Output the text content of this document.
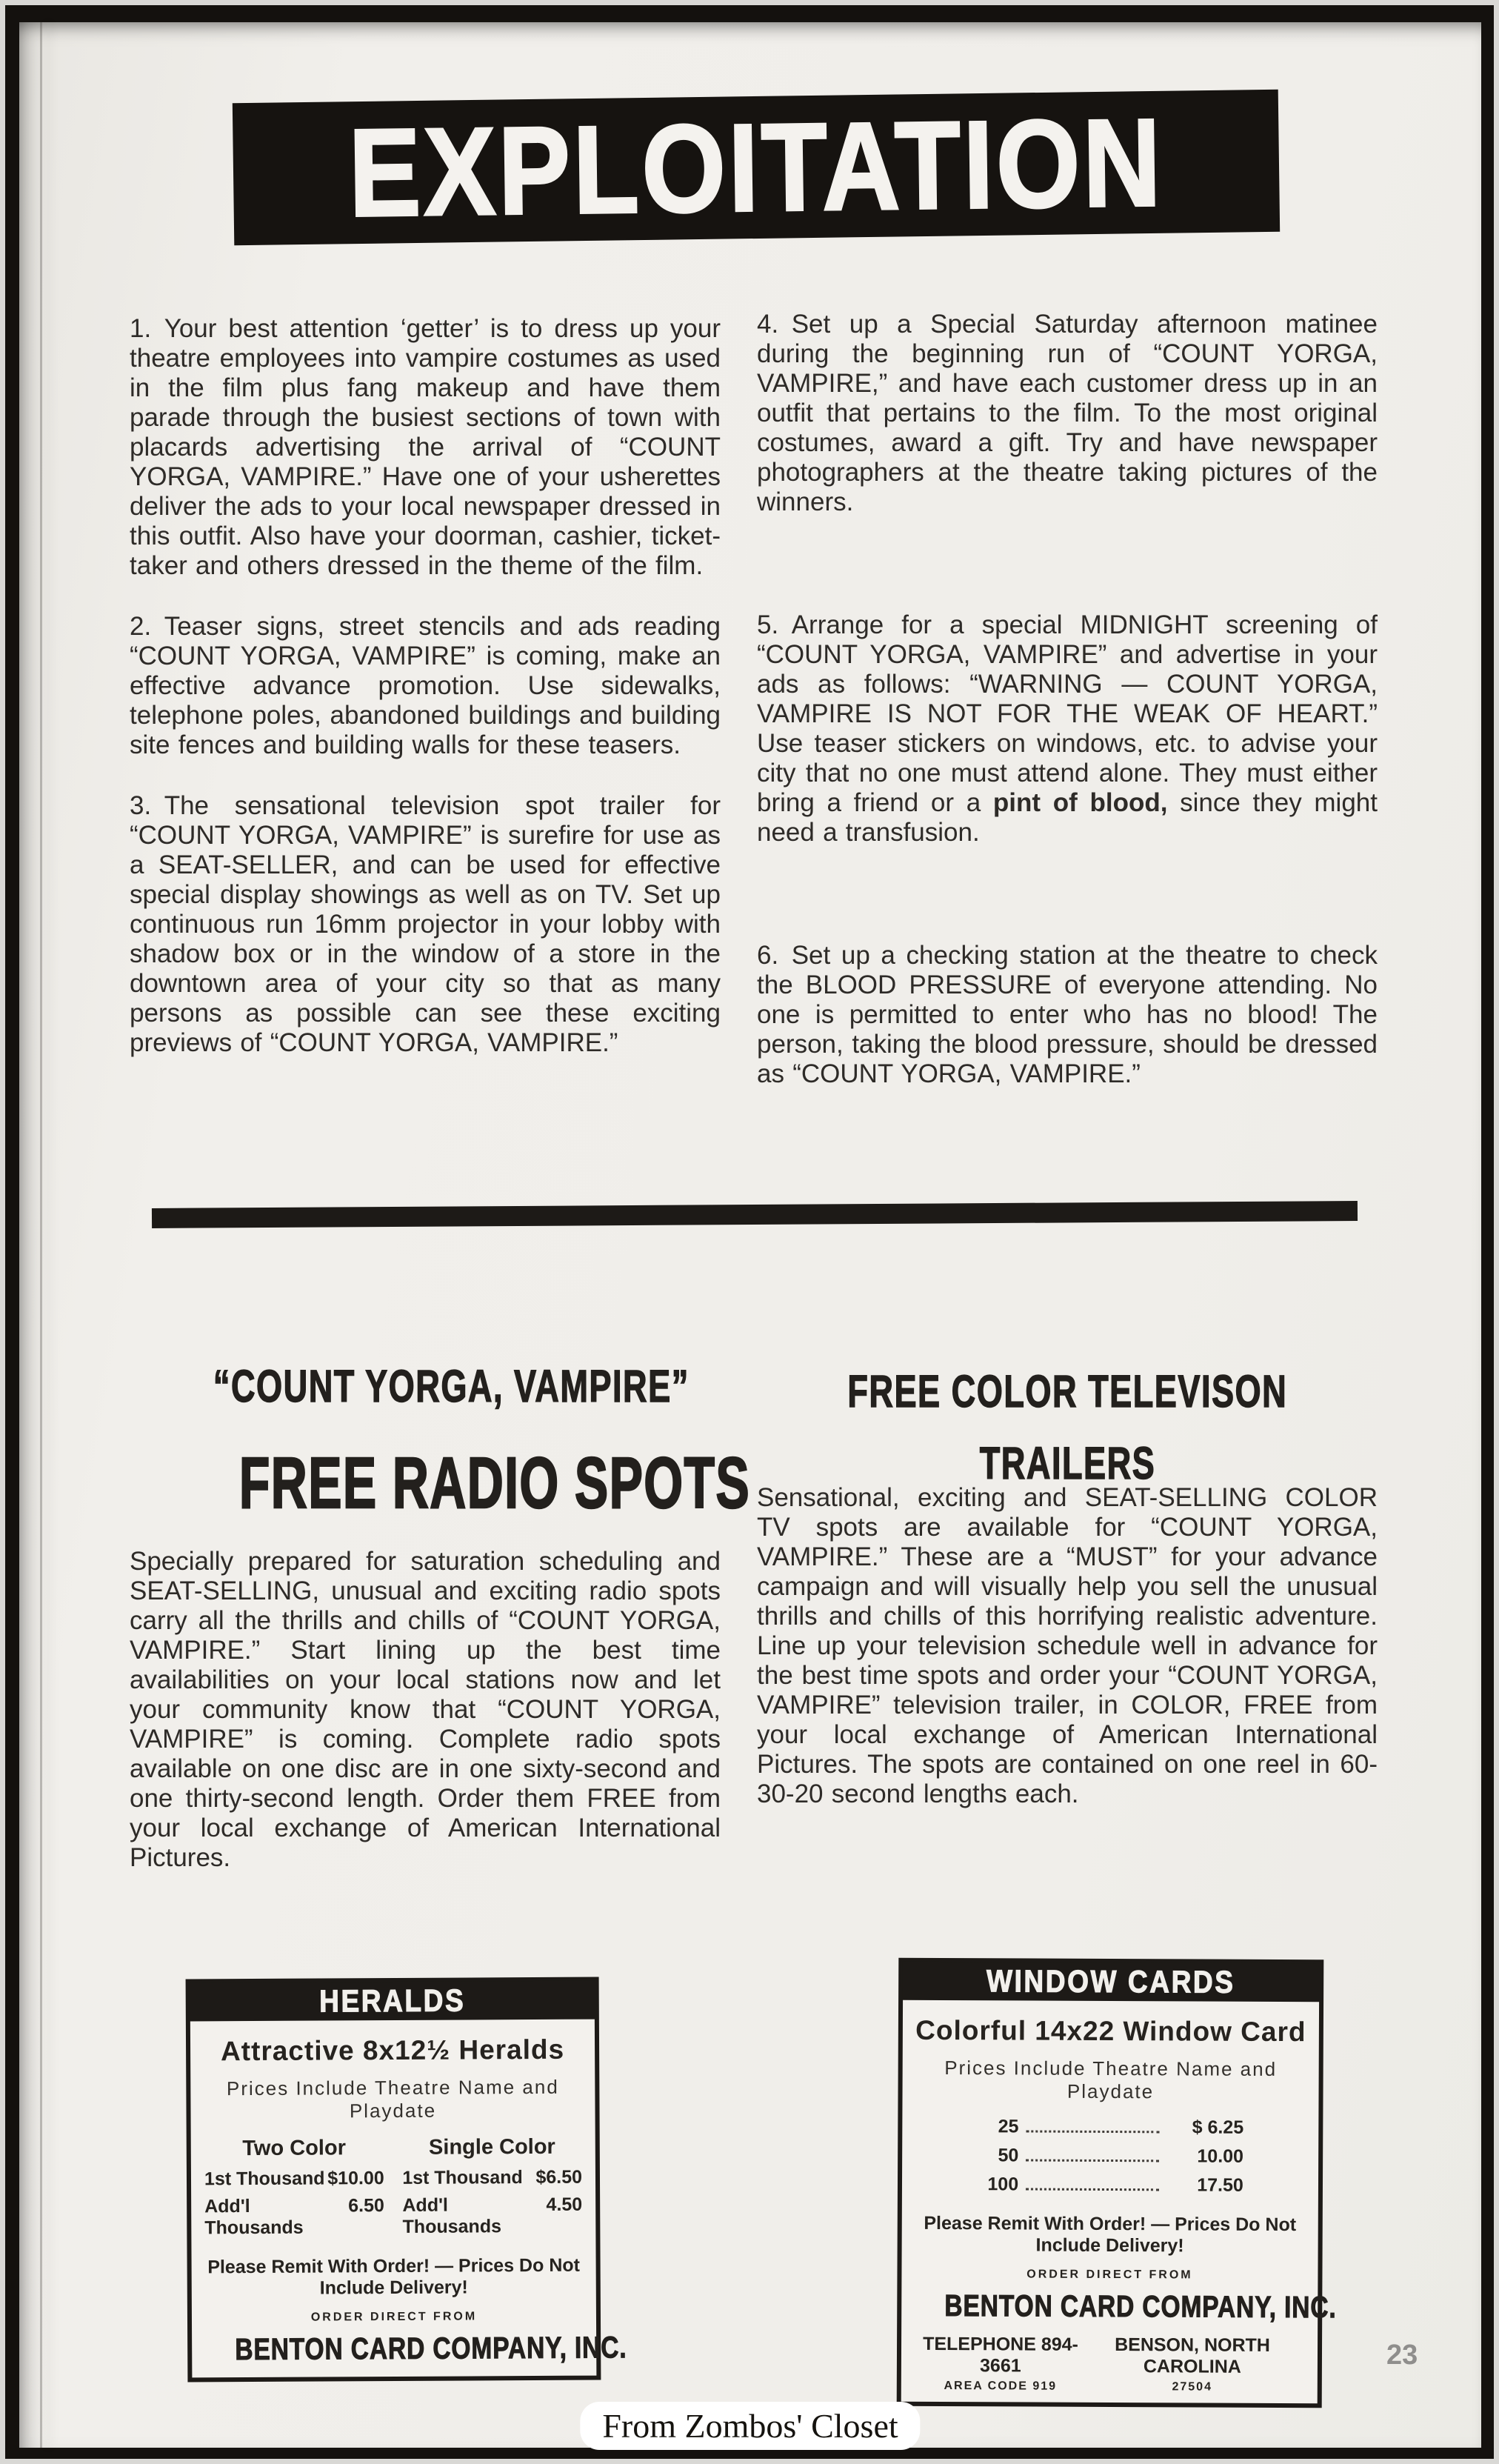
EXPLOITATION

1. Your best attention ‘getter’ is to dress up your theatre employees into vampire costumes as used in the film plus fang makeup and have them parade through the busiest sections of town with placards advertising the arrival of “COUNT YORGA, VAMPIRE.” Have one of your usherettes deliver the ads to your local newspaper dressed in this outfit. Also have your doorman, cashier, ticket-taker and others dressed in the theme of the film.

2. Teaser signs, street stencils and ads reading “COUNT YORGA, VAMPIRE” is coming, make an effective advance promotion. Use sidewalks, telephone poles, abandoned buildings and building site fences and building walls for these teasers.

3. The sensational television spot trailer for “COUNT YORGA, VAMPIRE” is surefire for use as a SEAT-SELLER, and can be used for effective special display showings as well as on TV. Set up continuous run 16mm projector in your lobby with shadow box or in the window of a store in the downtown area of your city so that as many persons as possible can see these exciting previews of “COUNT YORGA, VAMPIRE.”

4. Set up a Special Saturday afternoon matinee during the beginning run of “COUNT YORGA, VAMPIRE,” and have each customer dress up in an outfit that pertains to the film. To the most original costumes, award a gift. Try and have newspaper photographers at the theatre taking pictures of the winners.

5. Arrange for a special MIDNIGHT screening of “COUNT YORGA, VAMPIRE” and advertise in your ads as follows: “WARNING — COUNT YORGA, VAMPIRE IS NOT FOR THE WEAK OF HEART.” Use teaser stickers on windows, etc. to advise your city that no one must attend alone. They must either bring a friend or a pint of blood, since they might need a transfusion.

6. Set up a checking station at the theatre to check the BLOOD PRESSURE of everyone attending. No one is permitted to enter who has no blood! The person, taking the blood pressure, should be dressed as “COUNT YORGA, VAMPIRE.”

“COUNT YORGA, VAMPIRE”
FREE RADIO SPOTS

Specially prepared for saturation scheduling and SEAT-SELLING, unusual and exciting radio spots carry all the thrills and chills of “COUNT YORGA, VAMPIRE.” Start lining up the best time availabilities on your local stations now and let your community know that “COUNT YORGA, VAMPIRE” is coming. Complete radio spots available on one disc are in one sixty-second and one thirty-second length. Order them FREE from your local exchange of American International Pictures.

FREE COLOR TELEVISON
TRAILERS

Sensational, exciting and SEAT-SELLING COLOR TV spots are available for “COUNT YORGA, VAMPIRE.” These are a “MUST” for your advance campaign and will visually help you sell the unusual thrills and chills of this horrifying realistic adventure. Line up your television schedule well in advance for the best time spots and order your “COUNT YORGA, VAMPIRE” television trailer, in COLOR, FREE from your local exchange of American International Pictures. The spots are contained on one reel in 60-30-20 second lengths each.

HERALDS
Attractive 8x12½ Heralds
Prices Include Theatre Name and Playdate
Two Color
1st Thousand $10.00
Add'l Thousands
6.50
Single Color
1st Thousand $6.50
Add'l Thousands
4.50
Please Remit With Order! — Prices Do Not Include Delivery!
ORDER DIRECT FROM
BENTON CARD COMPANY, INC.
WINDOW CARDS
Colorful 14x22 Window Card
Prices Include Theatre Name and Playdate
25	$ 6.25
50	10.00
100	17.50
Please Remit With Order! — Prices Do Not Include Delivery!
ORDER DIRECT FROM
BENTON CARD COMPANY, INC.
TELEPHONE 894-3661
AREA CODE 919
BENSON, NORTH CAROLINA
27504
23
From Zombos' Closet
